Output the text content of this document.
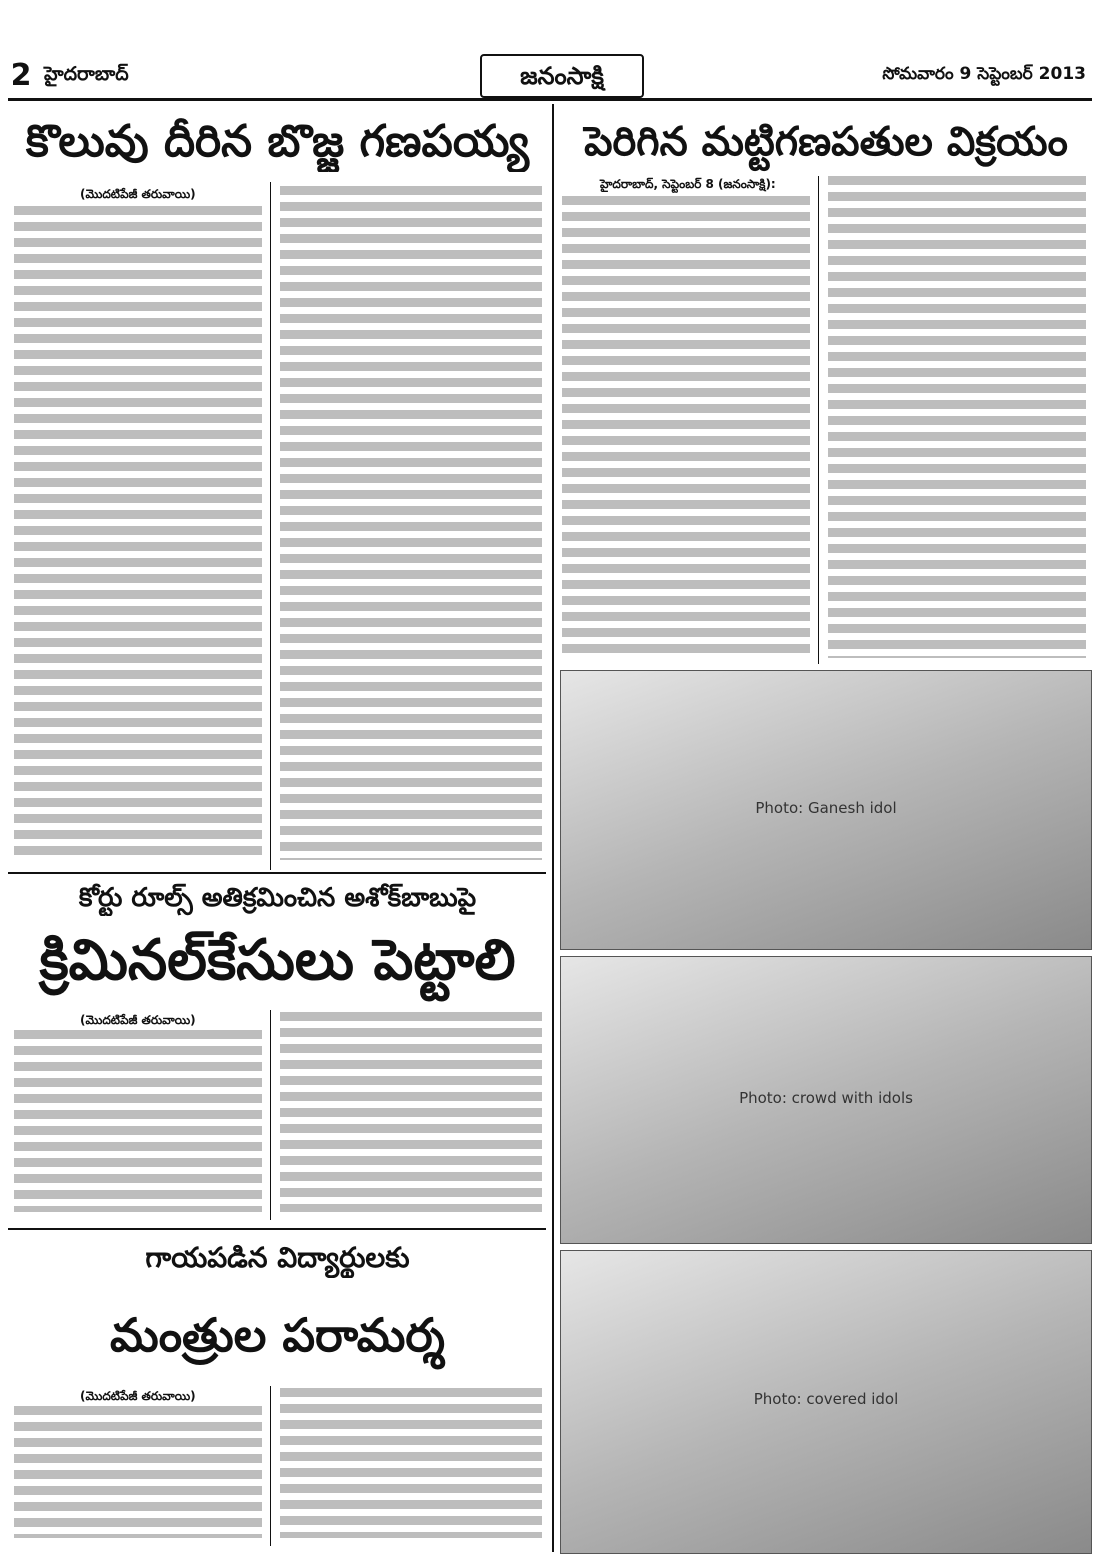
2 హైదరాబాద్	జనంసాక్షి	సోమవారం 9 సెప్టెంబర్ 2013
కొలువు దీరిన బొజ్జ గణపయ్య
(మొదటిపేజీ తరువాయి)
కోర్టు రూల్స్ అతిక్రమించిన అశోక్‌బాబుపై
క్రిమినల్‌కేసులు పెట్టాలి
(మొదటిపేజీ తరువాయి)
గాయపడిన విద్యార్థులకు
మంత్రుల పరామర్శ
(మొదటిపేజీ తరువాయి)
పెరిగిన మట్టిగణపతుల విక్రయం
హైదరాబాద్, సెప్టెంబర్ 8 (జనంసాక్షి):
Photo: Ganesh idol
Photo: crowd with idols
Photo: covered idol
